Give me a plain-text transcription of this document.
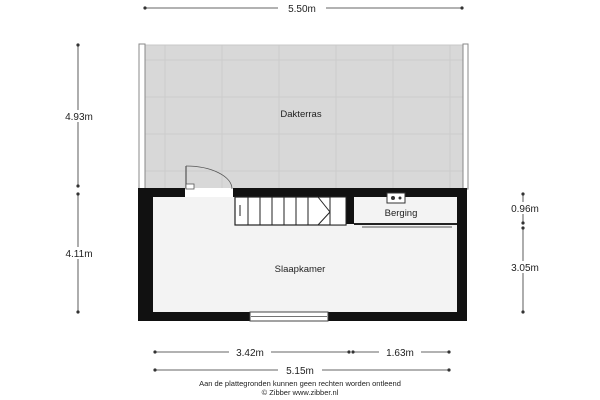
Dakterras
Berging
Slaapkamer
5.50m
4.93m
4.11m
0.96m
3.05m
3.42m	1.63m
5.15m
Aan de plattegronden kunnen geen rechten worden ontleend
© Zibber www.zibber.nl
